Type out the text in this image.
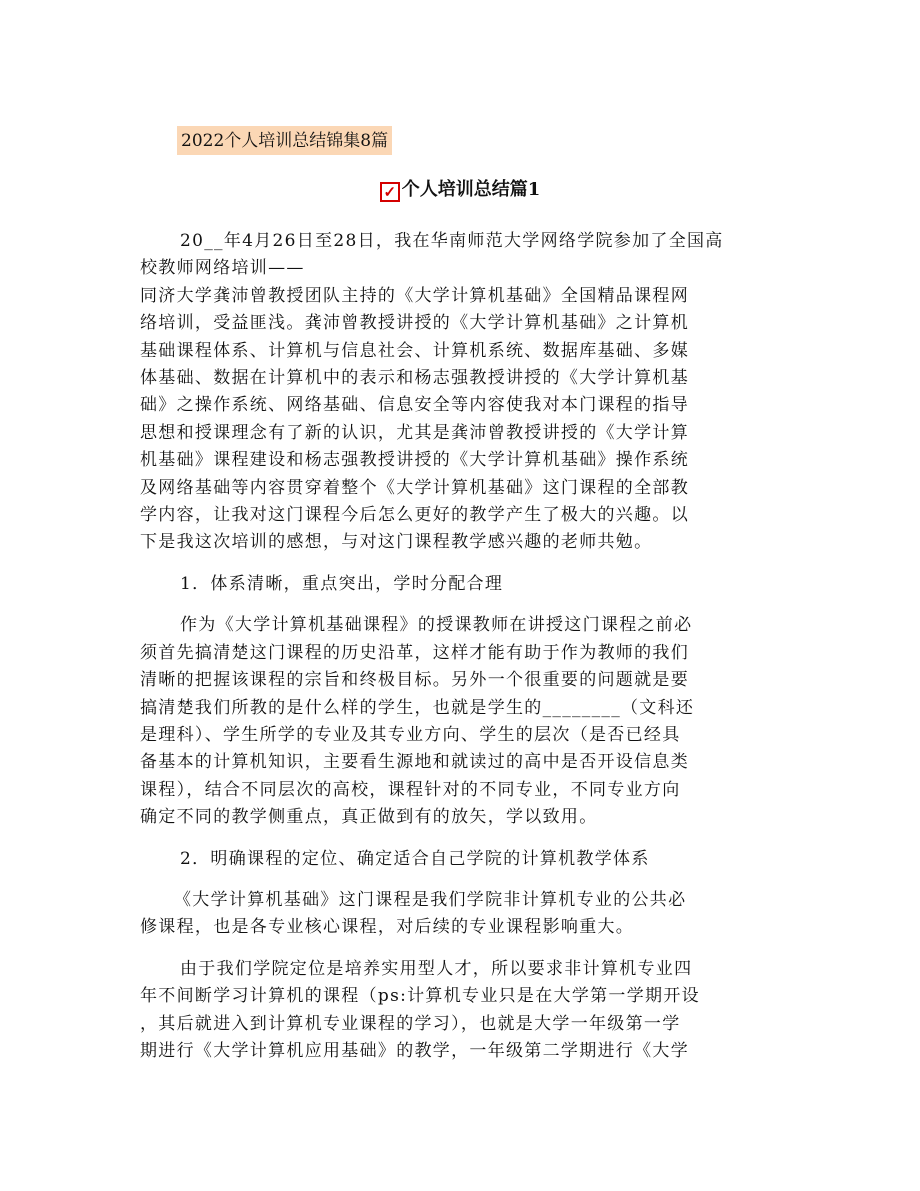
2022个人培训总结锦集8篇
✓ 个人培训总结篇1

20__年4月26日至28日，我在华南师范大学网络学院参加了全国高
校教师网络培训——
同济大学龚沛曾教授团队主持的《大学计算机基础》全国精品课程网
络培训，受益匪浅。龚沛曾教授讲授的《大学计算机基础》之计算机
基础课程体系、计算机与信息社会、计算机系统、数据库基础、多媒
体基础、数据在计算机中的表示和杨志强教授讲授的《大学计算机基
础》之操作系统、网络基础、信息安全等内容使我对本门课程的指导
思想和授课理念有了新的认识，尤其是龚沛曾教授讲授的《大学计算
机基础》课程建设和杨志强教授讲授的《大学计算机基础》操作系统
及网络基础等内容贯穿着整个《大学计算机基础》这门课程的全部教
学内容，让我对这门课程今后怎么更好的教学产生了极大的兴趣。以
下是我这次培训的感想，与对这门课程教学感兴趣的老师共勉。

1．体系清晰，重点突出，学时分配合理

作为《大学计算机基础课程》的授课教师在讲授这门课程之前必
须首先搞清楚这门课程的历史沿革，这样才能有助于作为教师的我们
清晰的把握该课程的宗旨和终极目标。另外一个很重要的问题就是要
搞清楚我们所教的是什么样的学生，也就是学生的________（文科还
是理科）、学生所学的专业及其专业方向、学生的层次（是否已经具
备基本的计算机知识，主要看生源地和就读过的高中是否开设信息类
课程），结合不同层次的高校，课程针对的不同专业，不同专业方向
确定不同的教学侧重点，真正做到有的放矢，学以致用。

2．明确课程的定位、确定适合自己学院的计算机教学体系

《大学计算机基础》这门课程是我们学院非计算机专业的公共必
修课程，也是各专业核心课程，对后续的专业课程影响重大。

由于我们学院定位是培养实用型人才，所以要求非计算机专业四
年不间断学习计算机的课程（ps:计算机专业只是在大学第一学期开设
，其后就进入到计算机专业课程的学习），也就是大学一年级第一学
期进行《大学计算机应用基础》的教学，一年级第二学期进行《大学
